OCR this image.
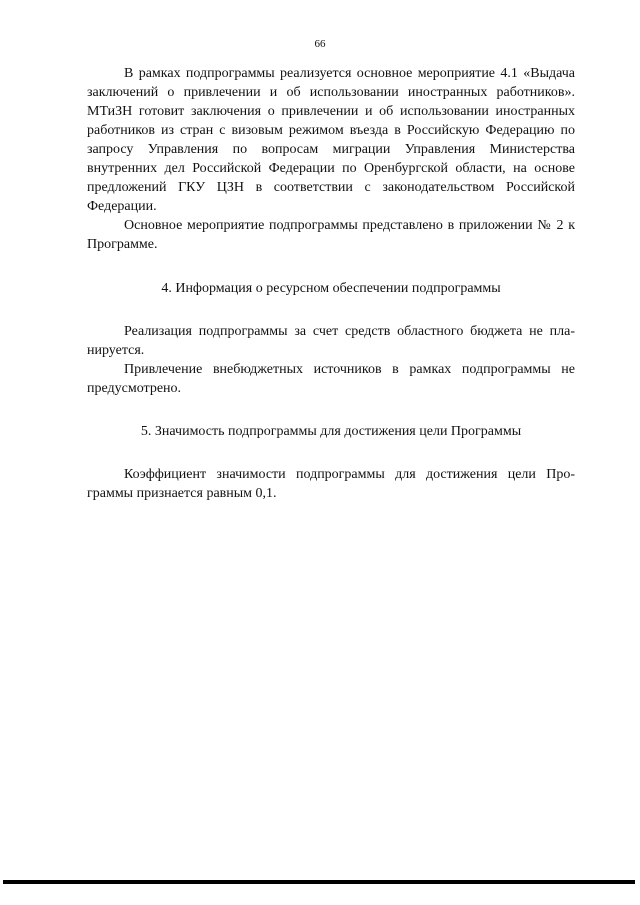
66

В рамках подпрограммы реализуется основное мероприятие 4.1 «Выдача заключений о привлечении и об использовании иностранных работников». МТиЗН готовит заключения о привлечении и об использовании иностранных работников из стран с визовым режимом въезда в Российскую Федерацию по запросу Управления по вопросам миграции Управления Министерства внутренних дел Российской Федерации по Оренбургской области, на основе предложений ГКУ ЦЗН в соответствии с законодательством Российской Федерации.

Основное мероприятие подпрограммы представлено в приложении № 2 к Программе.

4. Информация о ресурсном обеспечении подпрограммы

Реализация подпрограммы за счет средств областного бюджета не планируется.

Привлечение внебюджетных источников в рамках подпрограммы не предусмотрено.

5. Значимость подпрограммы для достижения цели Программы

Коэффициент значимости подпрограммы для достижения цели Программы признается равным 0,1.
